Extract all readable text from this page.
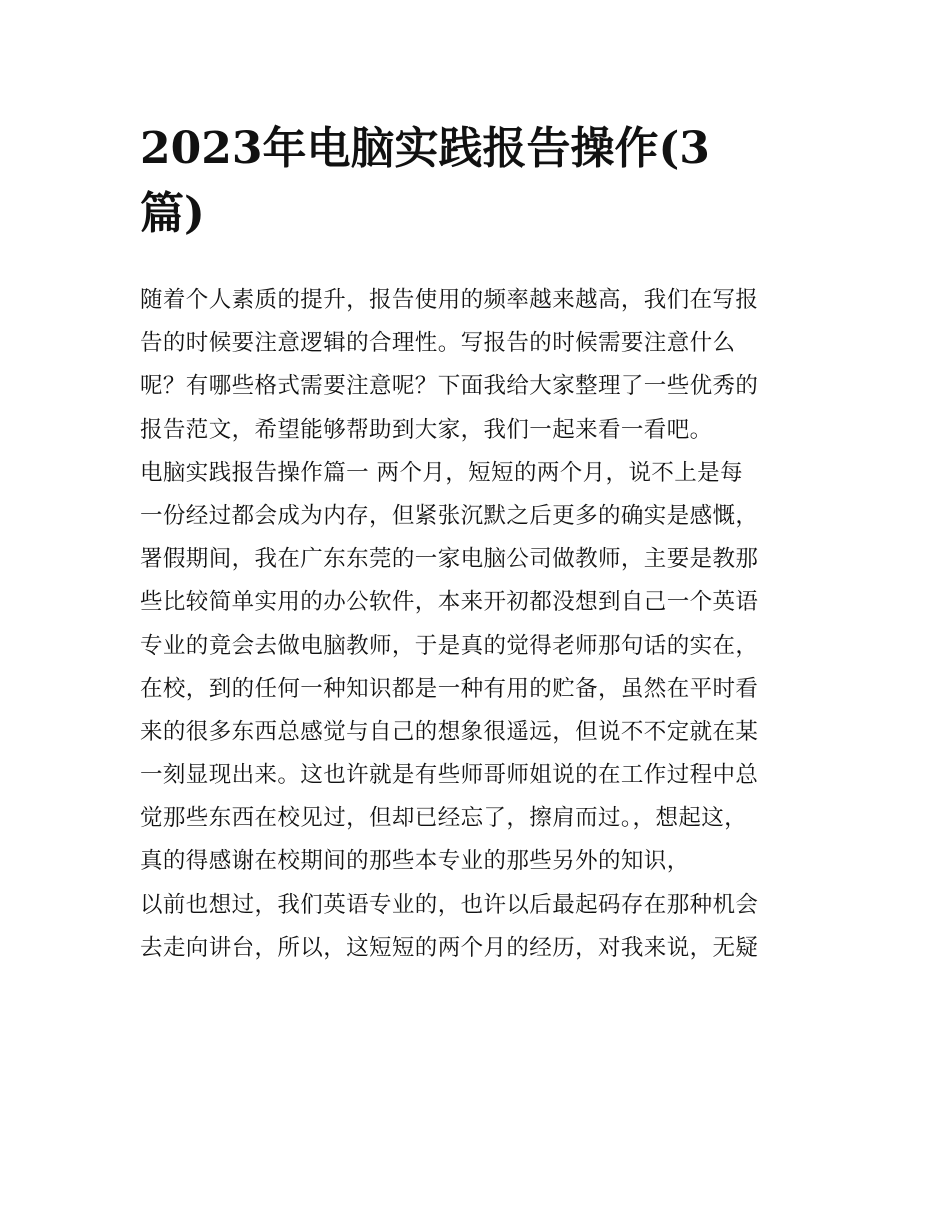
2023年电脑实践报告操作(3
篇)
随着个人素质的提升，报告使用的频率越来越高，我们在写报
告的时候要注意逻辑的合理性。写报告的时候需要注意什么
呢？有哪些格式需要注意呢？下面我给大家整理了一些优秀的
报告范文，希望能够帮助到大家，我们一起来看一看吧。
电脑实践报告操作篇一 两个月，短短的两个月，说不上是每
一份经过都会成为内存，但紧张沉默之后更多的确实是感慨，
署假期间，我在广东东莞的一家电脑公司做教师，主要是教那
些比较简单实用的办公软件，本来开初都没想到自己一个英语
专业的竟会去做电脑教师，于是真的觉得老师那句话的实在，
在校，到的任何一种知识都是一种有用的贮备，虽然在平时看
来的很多东西总感觉与自己的想象很遥远，但说不不定就在某
一刻显现出来。这也许就是有些师哥师姐说的在工作过程中总
觉那些东西在校见过，但却已经忘了，擦肩而过。，想起这，
真的得感谢在校期间的那些本专业的那些另外的知识，
以前也想过，我们英语专业的，也许以后最起码存在那种机会
去走向讲台，所以，这短短的两个月的经历，对我来说，无疑
